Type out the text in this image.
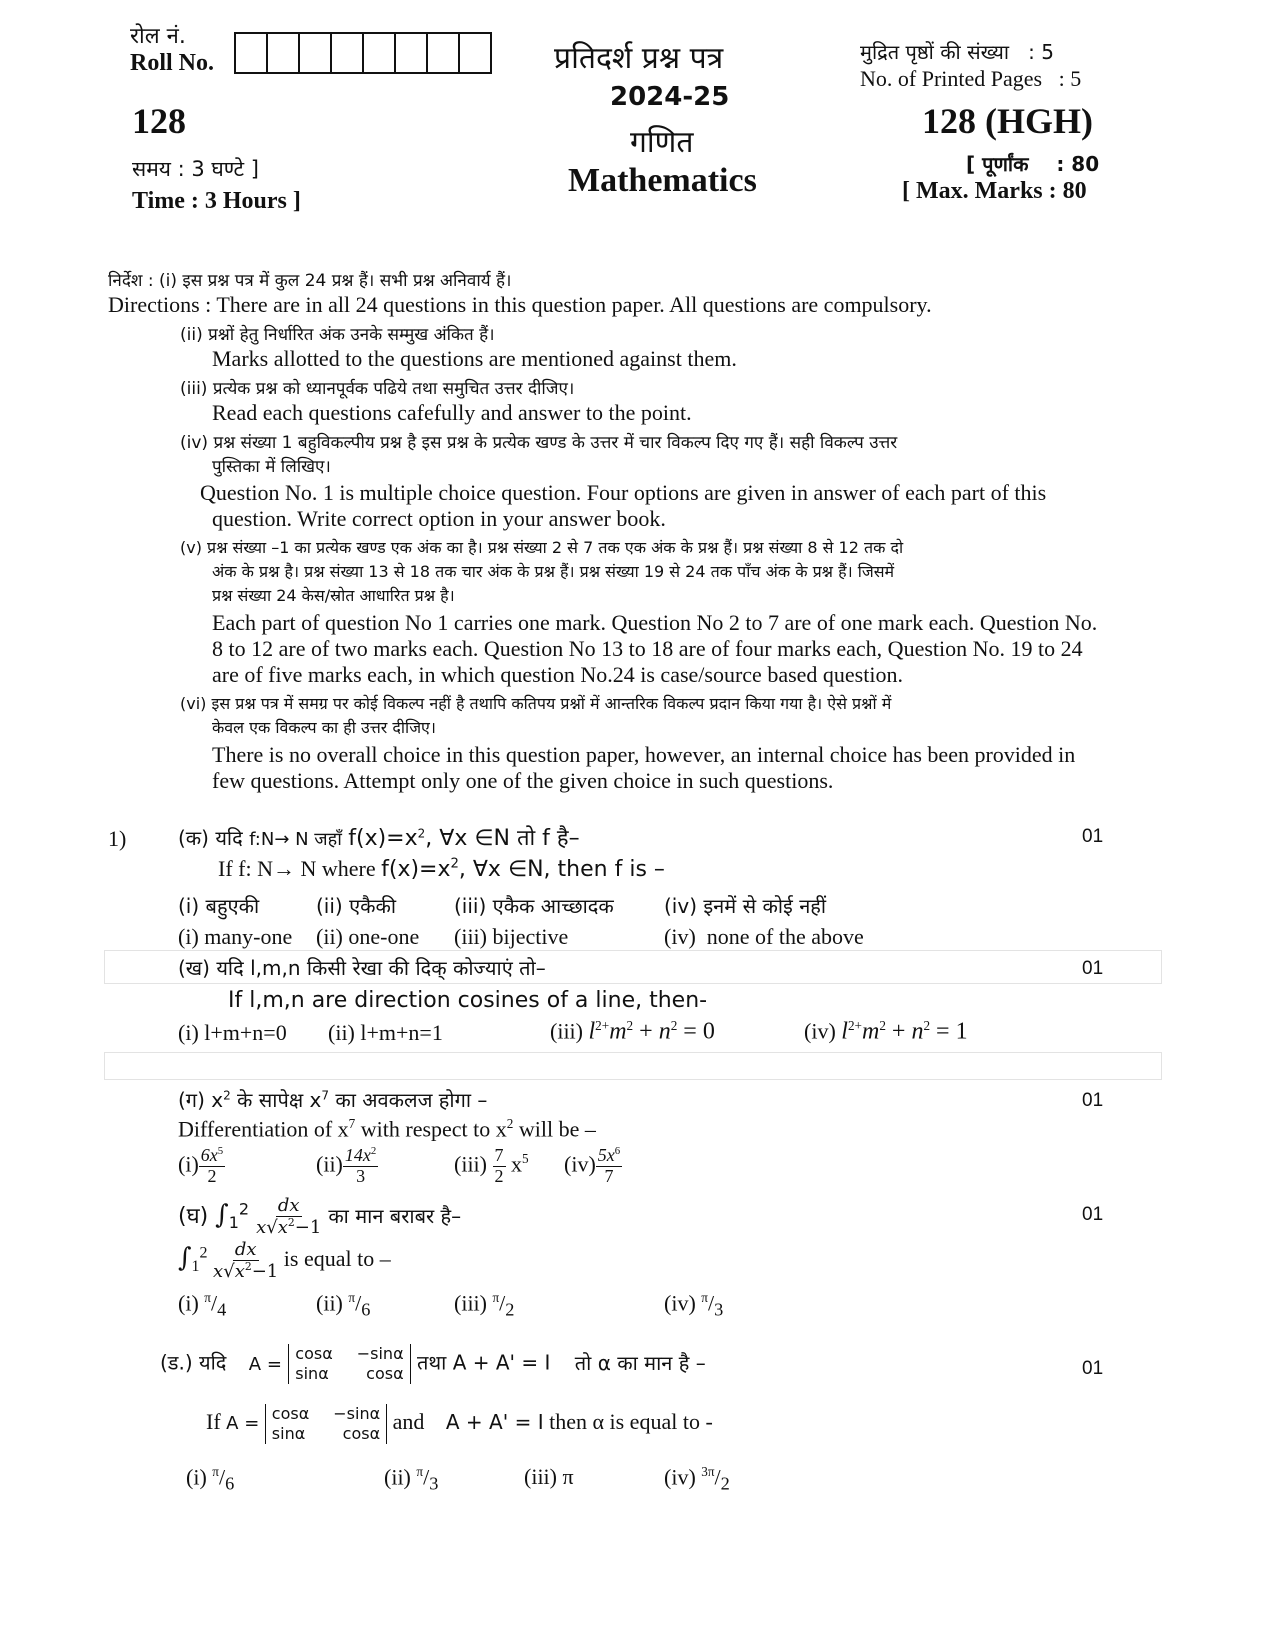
रोल नं.
Roll No.
128
समय : 3 घण्टे ]
Time : 3 Hours ]
प्रतिदर्श प्रश्न पत्र
2024-25
गणित
Mathematics
मुद्रित पृष्ठों की संख्या   : 5
No. of Printed Pages   : 5
128 (HGH)
[ पूर्णांक    : 80
[ Max. Marks : 80
निर्देश : (i) इस प्रश्न पत्र में कुल 24 प्रश्न हैं। सभी प्रश्न अनिवार्य हैं।
Directions : There are in all 24 questions in this question paper. All questions are compulsory.
(ii) प्रश्नों हेतु निर्धारित अंक उनके सम्मुख अंकित हैं।
Marks allotted to the questions are mentioned against them.
(iii) प्रत्येक प्रश्न को ध्यानपूर्वक पढिये तथा समुचित उत्तर दीजिए।
Read each questions cafefully and answer to the point.
(iv) प्रश्न संख्या 1 बहुविकल्पीय प्रश्न है इस प्रश्न के प्रत्येक खण्ड के उत्तर में चार विकल्प दिए गए हैं। सही विकल्प उत्तर
पुस्तिका में लिखिए।
Question No. 1 is multiple choice question. Four options are given in answer of each part of this
question. Write correct option in your answer book.
(v) प्रश्न संख्या –1 का प्रत्येक खण्ड एक अंक का है। प्रश्न संख्या 2 से 7 तक एक अंक के प्रश्न हैं। प्रश्न संख्या 8 से 12 तक दो
अंक के प्रश्न है। प्रश्न संख्या 13 से 18 तक चार अंक के प्रश्न हैं। प्रश्न संख्या 19 से 24 तक पाँच अंक के प्रश्न हैं। जिसमें
प्रश्न संख्या 24 केस/स्रोत आधारित प्रश्न है।
Each part of question No 1 carries one mark. Question No 2 to 7 are of one mark each. Question No.
8 to 12 are of two marks each. Question No 13 to 18 are of four marks each, Question No. 19 to 24
are of five marks each, in which question No.24 is case/source based question.
(vi) इस प्रश्न पत्र में समग्र पर कोई विकल्प नहीं है तथापि कतिपय प्रश्नों में आन्तरिक विकल्प प्रदान किया गया है। ऐसे प्रश्नों में
केवल एक विकल्प का ही उत्तर दीजिए।
There is no overall choice in this question paper, however, an internal choice has been provided in
few questions. Attempt only one of the given choice in such questions.
1)	(क) यदि f:N→ N जहाँ $f(x)=x^2$, ∀x ∈N तो f है–	01
If f: N→ N where $f(x)=x^2$, ∀x ∈N, then f is –
(i) बहुएकी	(ii) एकैकी	(iii) एकैक आच्छादक	(iv) इनमें से कोई नहीं
(i) many-one (ii) one-one (iii) bijective	(iv)  none of the above
(ख) यदि l,m,n किसी रेखा की दिक् कोज्याएं तो–	01
If l,m,n are direction cosines of a line, then-
(i) l+m+n=0 (ii) l+m+n=1	(iii) $l^{2+}m^2 + n^2 = 0$	(iv) $l^{2+}m^2 + n^2 = 1$
(ग) $x^2$ के सापेक्ष $x^7$ का अवकलज होगा –	01
Differentiation of $x^7$ with respect to $x^2$ will be –
$(i) \frac{6x^5}{2}$	$(ii) \frac{14x^2}{3}$	$(iii) \frac{7}{2} x^5$ $(iv) \frac{5x^6}{7}$
(घ) $\int_1^2 \frac{dx}{x√x^2-1}$ का मान बराबर है–	01
$\int_1^2 \frac{dx}{x√x^2-1}$ is equal to –
(i) $^\pi/_4$	(ii) $^\pi/_6$	(iii) $^\pi/_2$	(iv) $^\pi/_3$
(ड.) यदि A = cosα −sinα
sinα cosα तथा A + A' = I तो α का मान है –	01
If A = cosα −sinα
sinα cosα and A + A' = I then α is equal to -
(i) $^\pi/_6$	(ii) $^\pi/_3$	(iii) π	(iv) $^{3\pi}/_2$
